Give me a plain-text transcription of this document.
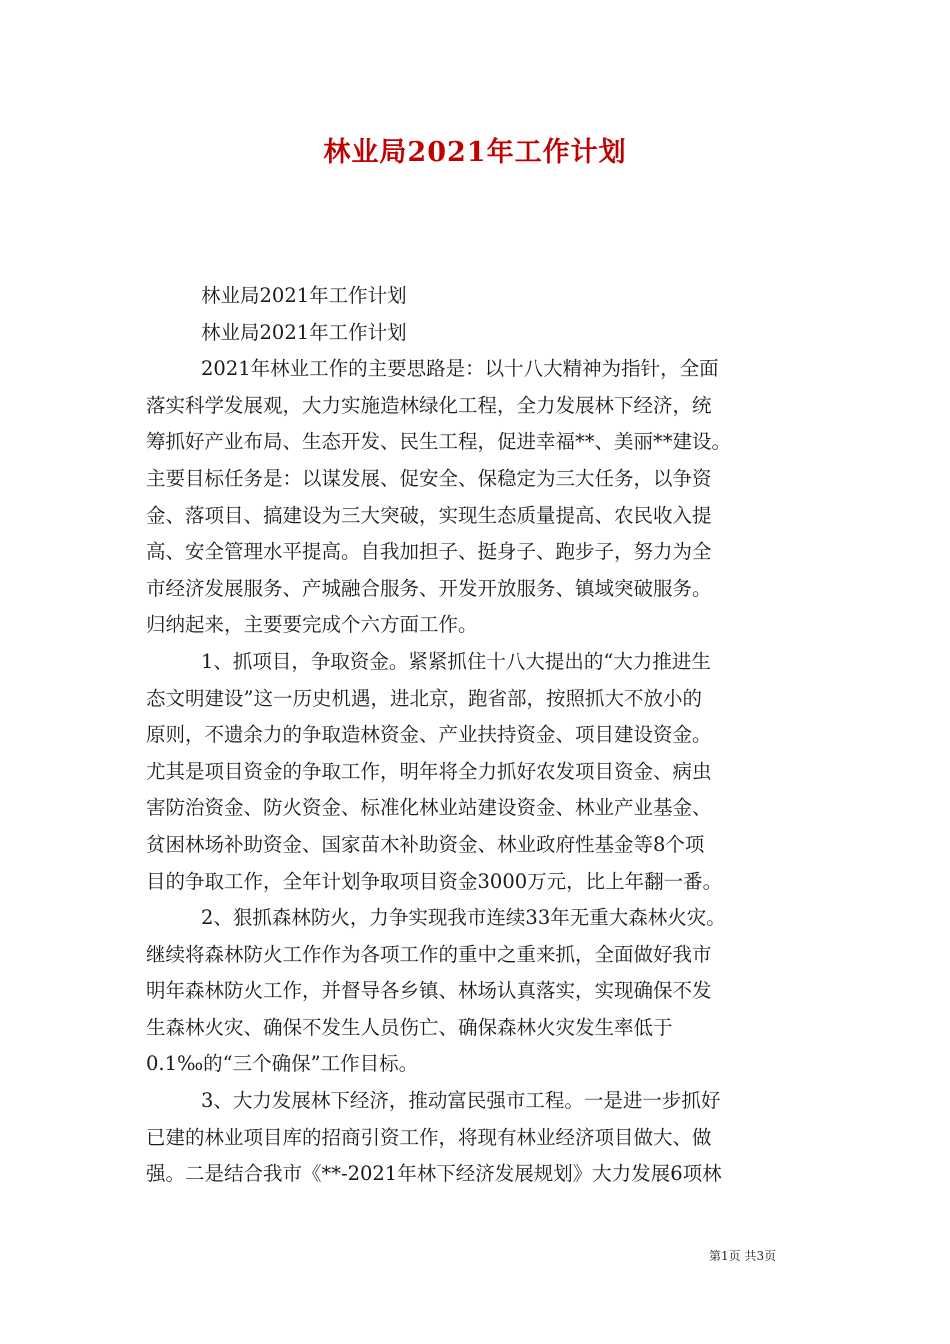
林业局2021年工作计划
林业局2021年工作计划
林业局2021年工作计划
2021年林业工作的主要思路是：以十八大精神为指针，全面
落实科学发展观，大力实施造林绿化工程，全力发展林下经济，统
筹抓好产业布局、生态开发、民生工程，促进幸福**、美丽**建设。
主要目标任务是：以谋发展、促安全、保稳定为三大任务，以争资
金、落项目、搞建设为三大突破，实现生态质量提高、农民收入提
高、安全管理水平提高。自我加担子、挺身子、跑步子，努力为全
市经济发展服务、产城融合服务、开发开放服务、镇域突破服务。
归纳起来，主要要完成个六方面工作。
1、抓项目，争取资金。紧紧抓住十八大提出的“大力推进生
态文明建设”这一历史机遇，进北京，跑省部，按照抓大不放小的
原则，不遗余力的争取造林资金、产业扶持资金、项目建设资金。
尤其是项目资金的争取工作，明年将全力抓好农发项目资金、病虫
害防治资金、防火资金、标准化林业站建设资金、林业产业基金、
贫困林场补助资金、国家苗木补助资金、林业政府性基金等8个项
目的争取工作，全年计划争取项目资金3000万元，比上年翻一番。
2、狠抓森林防火，力争实现我市连续33年无重大森林火灾。
继续将森林防火工作作为各项工作的重中之重来抓，全面做好我市
明年森林防火工作，并督导各乡镇、林场认真落实，实现确保不发
生森林火灾、确保不发生人员伤亡、确保森林火灾发生率低于
0.1‰的“三个确保”工作目标。
3、大力发展林下经济，推动富民强市工程。一是进一步抓好
已建的林业项目库的招商引资工作，将现有林业经济项目做大、做
强。二是结合我市《**-2021年林下经济发展规划》大力发展6项林
第1页 共3页
